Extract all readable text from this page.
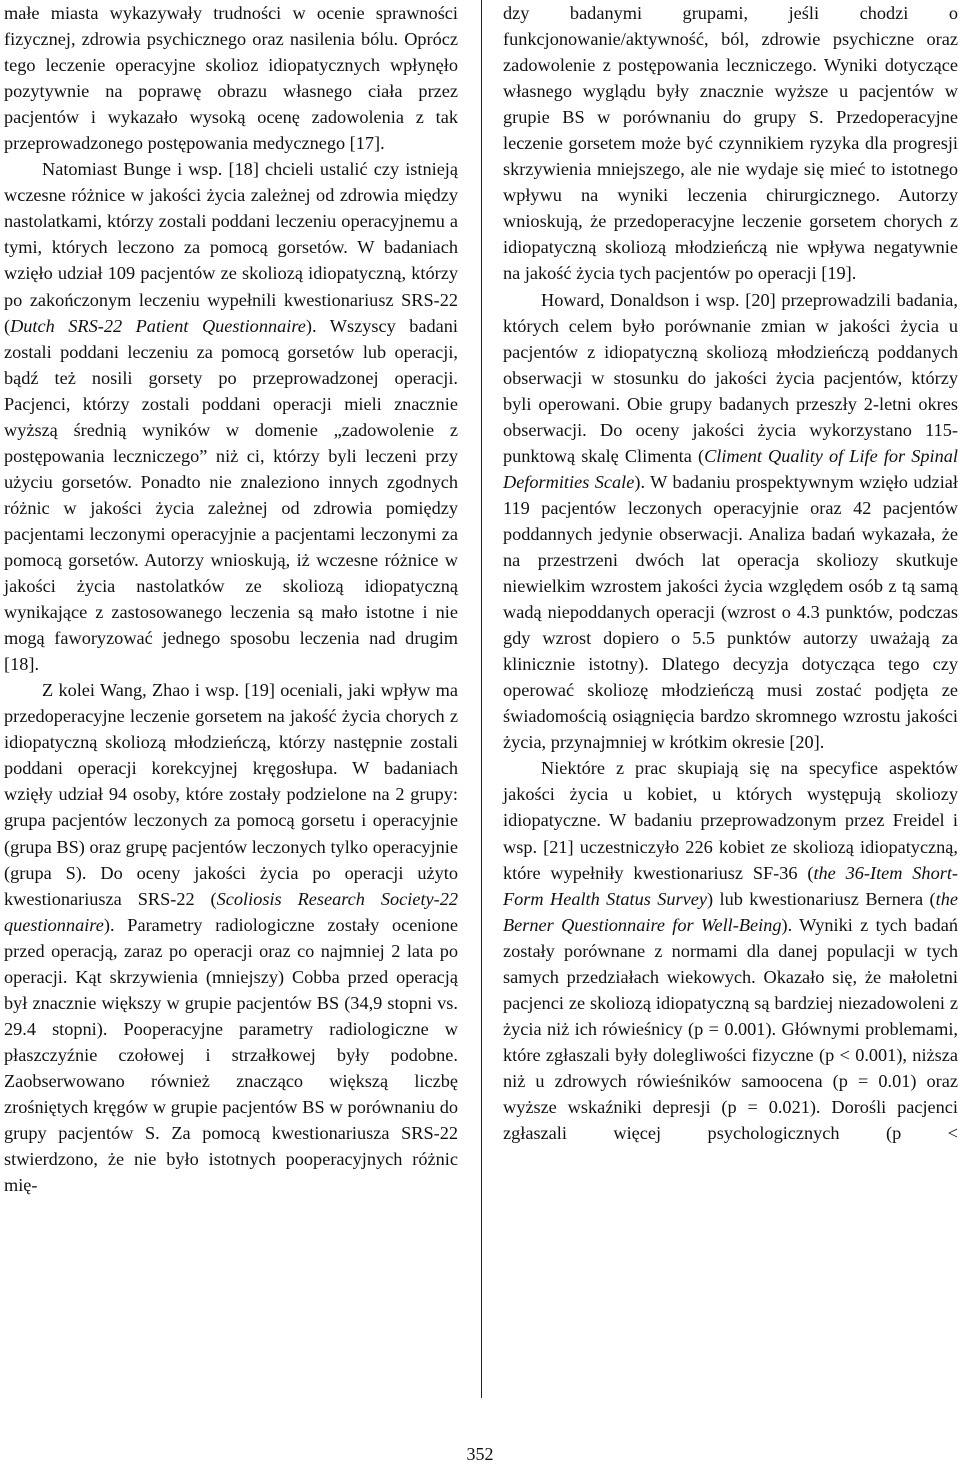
małe miasta wykazywały trudności w ocenie sprawności fizycznej, zdrowia psychicznego oraz nasilenia bólu. Oprócz tego leczenie operacyjne skolioz idiopatycznych wpłynęło pozytywnie na poprawę obrazu własnego ciała przez pacjentów i wykazało wysoką ocenę zadowolenia z tak przeprowadzonego postępowania medycznego [17].

Natomiast Bunge i wsp. [18] chcieli ustalić czy istnieją wczesne różnice w jakości życia zależnej od zdrowia między nastolatkami, którzy zostali poddani leczeniu operacyjnemu a tymi, których leczono za pomocą gorsetów. W badaniach wzięło udział 109 pacjentów ze skoliozą idiopatyczną, którzy po zakończonym leczeniu wypełnili kwestionariusz SRS-22 (Dutch SRS-22 Patient Questionnaire). Wszyscy badani zostali poddani leczeniu za pomocą gorsetów lub operacji, bądź też nosili gorsety po przeprowadzonej operacji. Pacjenci, którzy zostali poddani operacji mieli znacznie wyższą średnią wyników w domenie „zadowolenie z postępowania leczniczego” niż ci, którzy byli leczeni przy użyciu gorsetów. Ponadto nie znaleziono innych zgodnych różnic w jakości życia zależnej od zdrowia pomiędzy pacjentami leczonymi operacyjnie a pacjentami leczonymi za pomocą gorsetów. Autorzy wnioskują, iż wczesne różnice w jakości życia nastolatków ze skoliozą idiopatyczną wynikające z zastosowanego leczenia są mało istotne i nie mogą faworyzować jednego sposobu leczenia nad drugim [18].

Z kolei Wang, Zhao i wsp. [19] oceniali, jaki wpływ ma przedoperacyjne leczenie gorsetem na jakość życia chorych z idiopatyczną skoliozą młodzieńczą, którzy następnie zostali poddani operacji korekcyjnej kręgosłupa. W badaniach wzięły udział 94 osoby, które zostały podzielone na 2 grupy: grupa pacjentów leczonych za pomocą gorsetu i operacyjnie (grupa BS) oraz grupę pacjentów leczonych tylko operacyjnie (grupa S). Do oceny jakości życia po operacji użyto kwestionariusza SRS-22 (Scoliosis Research Society-22 questionnaire). Parametry radiologiczne zostały ocenione przed operacją, zaraz po operacji oraz co najmniej 2 lata po operacji. Kąt skrzywienia (mniejszy) Cobba przed operacją był znacznie większy w grupie pacjentów BS (34,9 stopni vs. 29.4 stopni). Pooperacyjne parametry radiologiczne w płaszczyźnie czołowej i strzałkowej były podobne. Zaobserwowano również znacząco większą liczbę zrośniętych kręgów w grupie pacjentów BS w porównaniu do grupy pacjentów S. Za pomocą kwestionariusza SRS-22 stwierdzono, że nie było istotnych pooperacyjnych różnic mię-

dzy badanymi grupami, jeśli chodzi o funkcjonowanie/aktywność, ból, zdrowie psychiczne oraz zadowolenie z postępowania leczniczego. Wyniki dotyczące własnego wyglądu były znacznie wyższe u pacjentów w grupie BS w porównaniu do grupy S. Przedoperacyjne leczenie gorsetem może być czynnikiem ryzyka dla progresji skrzywienia mniejszego, ale nie wydaje się mieć to istotnego wpływu na wyniki leczenia chirurgicznego. Autorzy wnioskują, że przedoperacyjne leczenie gorsetem chorych z idiopatyczną skoliozą młodzieńczą nie wpływa negatywnie na jakość życia tych pacjentów po operacji [19].

Howard, Donaldson i wsp. [20] przeprowadzili badania, których celem było porównanie zmian w jakości życia u pacjentów z idiopatyczną skoliozą młodzieńczą poddanych obserwacji w stosunku do jakości życia pacjentów, którzy byli operowani. Obie grupy badanych przeszły 2-letni okres obserwacji. Do oceny jakości życia wykorzystano 115-punktową skalę Climenta (Climent Quality of Life for Spinal Deformities Scale). W badaniu prospektywnym wzięło udział 119 pacjentów leczonych operacyjnie oraz 42 pacjentów poddannych jedynie obserwacji. Analiza badań wykazała, że na przestrzeni dwóch lat operacja skoliozy skutkuje niewielkim wzrostem jakości życia względem osób z tą samą wadą niepoddanych operacji (wzrost o 4.3 punktów, podczas gdy wzrost dopiero o 5.5 punktów autorzy uważają za klinicznie istotny). Dlatego decyzja dotycząca tego czy operować skoliozę młodzieńczą musi zostać podjęta ze świadomością osiągnięcia bardzo skromnego wzrostu jakości życia, przynajmniej w krótkim okresie [20].

Niektóre z prac skupiają się na specyfice aspektów jakości życia u kobiet, u których występują skoliozy idiopatyczne. W badaniu przeprowadzonym przez Freidel i wsp. [21] uczestniczyło 226 kobiet ze skoliozą idiopatyczną, które wypełniły kwestionariusz SF-36 (the 36-Item Short-Form Health Status Survey) lub kwestionariusz Bernera (the Berner Questionnaire for Well-Being). Wyniki z tych badań zostały porównane z normami dla danej populacji w tych samych przedziałach wiekowych. Okazało się, że małoletni pacjenci ze skoliozą idiopatyczną są bardziej niezadowoleni z życia niż ich rówieśnicy (p = 0.001). Głównymi problemami, które zgłaszali były dolegliwości fizyczne (p < 0.001), niższa niż u zdrowych rówieśników samoocena (p = 0.01) oraz wyższe wskaźniki depresji (p = 0.021). Dorośli pacjenci zgłaszali więcej psychologicznych (p <

352
